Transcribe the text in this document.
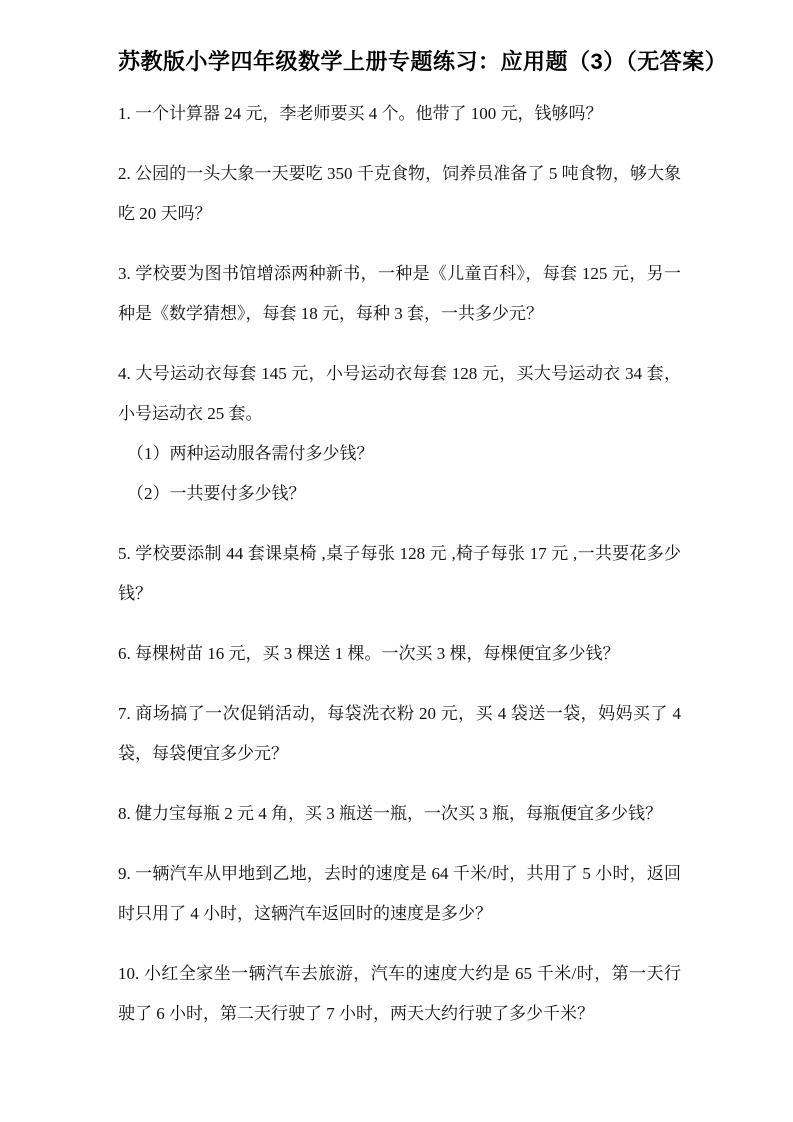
苏教版小学四年级数学上册专题练习：应用题（3）（无答案）

1. 一个计算器 24 元，李老师要买 4 个。他带了 100 元，钱够吗？

2. 公园的一头大象一天要吃 350 千克食物，饲养员准备了 5 吨食物，够大象吃 20 天吗？

3. 学校要为图书馆增添两种新书，一种是《儿童百科》，每套 125 元，另一种是《数学猜想》，每套 18 元，每种 3 套，一共多少元？

4. 大号运动衣每套 145 元，小号运动衣每套 128 元，买大号运动衣 34 套，小号运动衣 25 套。

（1）两种运动服各需付多少钱？

（2）一共要付多少钱？

5. 学校要添制 44 套课桌椅 ,桌子每张 128 元 ,椅子每张 17 元 ,一共要花多少钱？

6. 每棵树苗 16 元，买 3 棵送 1 棵。一次买 3 棵，每棵便宜多少钱？

7. 商场搞了一次促销活动，每袋洗衣粉 20 元，买 4 袋送一袋，妈妈买了 4 袋，每袋便宜多少元？

8. 健力宝每瓶 2 元 4 角，买 3 瓶送一瓶，一次买 3 瓶，每瓶便宜多少钱？

9. 一辆汽车从甲地到乙地，去时的速度是 64 千米/时，共用了 5 小时，返回时只用了 4 小时，这辆汽车返回时的速度是多少？

10. 小红全家坐一辆汽车去旅游，汽车的速度大约是 65 千米/时，第一天行驶了 6 小时，第二天行驶了 7 小时，两天大约行驶了多少千米？
